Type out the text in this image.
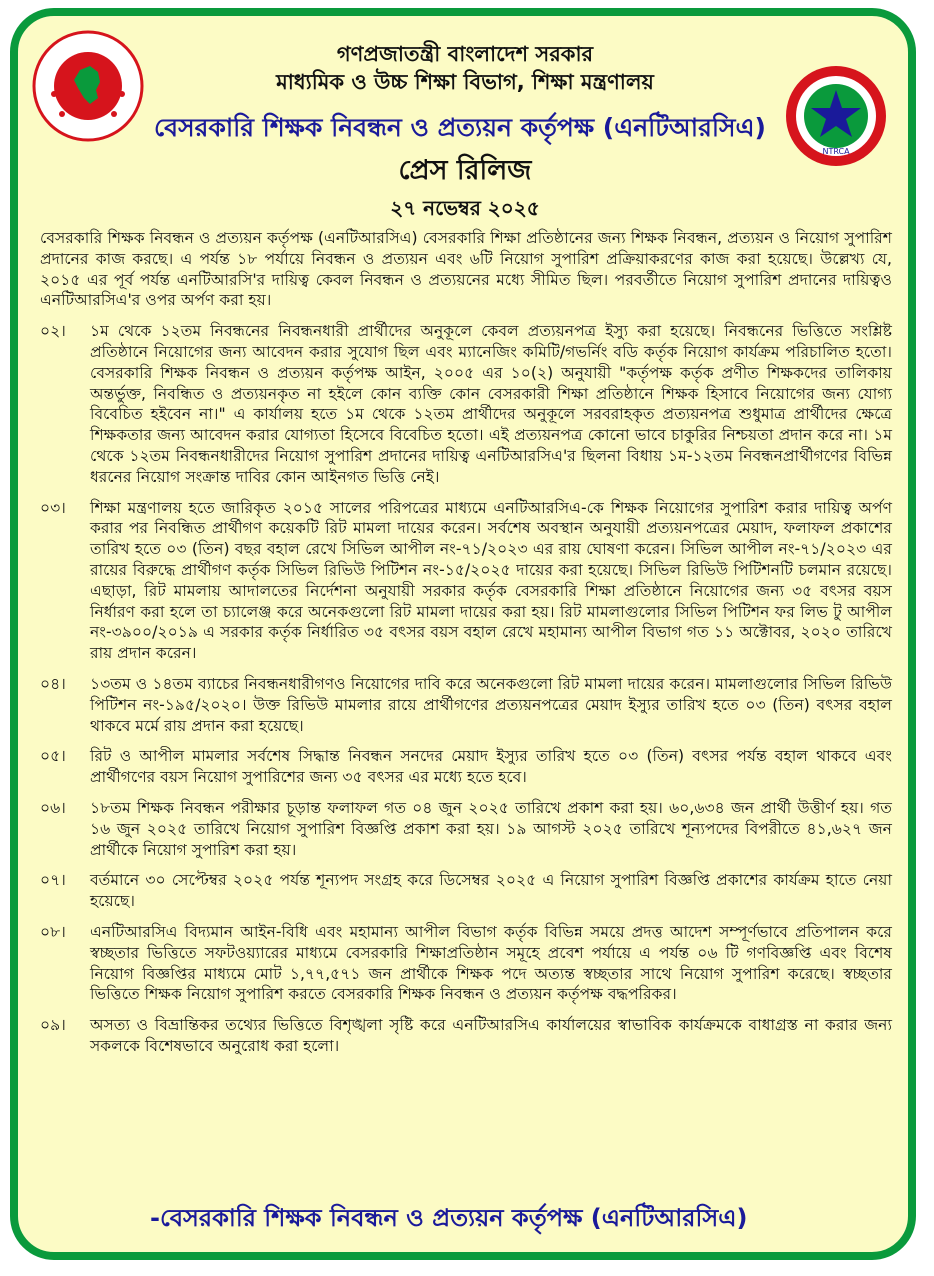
NTRCA
গণপ্রজাতন্ত্রী বাংলাদেশ সরকার
মাধ্যমিক ও উচ্চ শিক্ষা বিভাগ, শিক্ষা মন্ত্রণালয়
বেসরকারি শিক্ষক নিবন্ধন ও প্রত্যয়ন কর্তৃপক্ষ (এনটিআরসিএ)
প্রেস রিলিজ
২৭ নভেম্বর ২০২৫

বেসরকারি শিক্ষক নিবন্ধন ও প্রত্যয়ন কর্তৃপক্ষ (এনটিআরসিএ) বেসরকারি শিক্ষা প্রতিষ্ঠানের জন্য শিক্ষক নিবন্ধন, প্রত্যয়ন ও নিয়োগ সুপারিশ প্রদানের কাজ করছে। এ পর্যন্ত ১৮ পর্যায়ে নিবন্ধন ও প্রত্যয়ন এবং ৬টি নিয়োগ সুপারিশ প্রক্রিয়াকরণের কাজ করা হয়েছে। উল্লেখ্য যে, ২০১৫ এর পূর্ব পর্যন্ত এনটিআরসি'র দায়িত্ব কেবল নিবন্ধন ও প্রত্যয়নের মধ্যে সীমিত ছিল। পরবর্তীতে নিয়োগ সুপারিশ প্রদানের দায়িত্বও এনটিআরসিএ'র ওপর অর্পণ করা হয়।

০২।	১ম থেকে ১২তম নিবন্ধনের নিবন্ধনধারী প্রার্থীদের অনুকূলে কেবল প্রত্যয়নপত্র ইস্যু করা হয়েছে। নিবন্ধনের ভিত্তিতে সংশ্লিষ্ট প্রতিষ্ঠানে নিয়োগের জন্য আবেদন করার সুযোগ ছিল এবং ম্যানেজিং কমিটি/গভর্নিং বডি কর্তৃক নিয়োগ কার্যক্রম পরিচালিত হতো। বেসরকারি শিক্ষক নিবন্ধন ও প্রত্যয়ন কর্তৃপক্ষ আইন, ২০০৫ এর ১০(২) অনুযায়ী "কর্তৃপক্ষ কর্তৃক প্রণীত শিক্ষকদের তালিকায় অন্তর্ভুক্ত, নিবন্ধিত ও প্রত্যয়নকৃত না হইলে কোন ব্যক্তি কোন বেসরকারী শিক্ষা প্রতিষ্ঠানে শিক্ষক হিসাবে নিয়োগের জন্য যোগ্য বিবেচিত হইবেন না।" এ কার্যালয় হতে ১ম থেকে ১২তম প্রার্থীদের অনুকূলে সরবরাহকৃত প্রত্যয়নপত্র শুধুমাত্র প্রার্থীদের ক্ষেত্রে শিক্ষকতার জন্য আবেদন করার যোগ্যতা হিসেবে বিবেচিত হতো। এই প্রত্যয়নপত্র কোনো ভাবে চাকুরির নিশ্চয়তা প্রদান করে না। ১ম থেকে ১২তম নিবন্ধনধারীদের নিয়োগ সুপারিশ প্রদানের দায়িত্ব এনটিআরসিএ'র ছিলনা বিধায় ১ম-১২তম নিবন্ধনপ্রার্থীগণের বিভিন্ন ধরনের নিয়োগ সংক্রান্ত দাবির কোন আইনগত ভিত্তি নেই।
০৩।	শিক্ষা মন্ত্রণালয় হতে জারিকৃত ২০১৫ সালের পরিপত্রের মাধ্যমে এনটিআরসিএ-কে শিক্ষক নিয়োগের সুপারিশ করার দায়িত্ব অর্পণ করার পর নিবন্ধিত প্রার্থীগণ কয়েকটি রিট মামলা দায়ের করেন। সর্বশেষ অবস্থান অনুযায়ী প্রত্যয়নপত্রের মেয়াদ, ফলাফল প্রকাশের তারিখ হতে ০৩ (তিন) বছর বহাল রেখে সিভিল আপীল নং-৭১/২০২৩ এর রায় ঘোষণা করেন। সিভিল আপীল নং-৭১/২০২৩ এর রায়ের বিরুদ্ধে প্রার্থীগণ কর্তৃক সিভিল রিভিউ পিটিশন নং-১৫/২০২৫ দায়ের করা হয়েছে। সিভিল রিভিউ পিটিশনটি চলমান রয়েছে। এছাড়া, রিট মামলায় আদালতের নির্দেশনা অনুযায়ী সরকার কর্তৃক বেসরকারি শিক্ষা প্রতিষ্ঠানে নিয়োগের জন্য ৩৫ বৎসর বয়স নির্ধারণ করা হলে তা চ্যালেঞ্জ করে অনেকগুলো রিট মামলা দায়ের করা হয়। রিট মামলাগুলোর সিভিল পিটিশন ফর লিভ টু আপীল নং-৩৯০০/২০১৯ এ সরকার কর্তৃক নির্ধারিত ৩৫ বৎসর বয়স বহাল রেখে মহামান্য আপীল বিভাগ গত ১১ অক্টোবর, ২০২০ তারিখে রায় প্রদান করেন।
০৪।	১৩তম ও ১৪তম ব্যাচের নিবন্ধনধারীগণও নিয়োগের দাবি করে অনেকগুলো রিট মামলা দায়ের করেন। মামলাগুলোর সিভিল রিভিউ পিটিশন নং-১৯৫/২০২০। উক্ত রিভিউ মামলার রায়ে প্রার্থীগণের প্রত্যয়নপত্রের মেয়াদ ইস্যুর তারিখ হতে ০৩ (তিন) বৎসর বহাল থাকবে মর্মে রায় প্রদান করা হয়েছে।
০৫।	রিট ও আপীল মামলার সর্বশেষ সিদ্ধান্ত নিবন্ধন সনদের মেয়াদ ইস্যুর তারিখ হতে ০৩ (তিন) বৎসর পর্যন্ত বহাল থাকবে এবং প্রার্থীগণের বয়স নিয়োগ সুপারিশের জন্য ৩৫ বৎসর এর মধ্যে হতে হবে।
০৬।	১৮তম শিক্ষক নিবন্ধন পরীক্ষার চূড়ান্ত ফলাফল গত ০৪ জুন ২০২৫ তারিখে প্রকাশ করা হয়। ৬০,৬৩৪ জন প্রার্থী উত্তীর্ণ হয়। গত ১৬ জুন ২০২৫ তারিখে নিয়োগ সুপারিশ বিজ্ঞপ্তি প্রকাশ করা হয়। ১৯ আগস্ট ২০২৫ তারিখে শূন্যপদের বিপরীতে ৪১,৬২৭ জন প্রার্থীকে নিয়োগ সুপারিশ করা হয়।
০৭।	বর্তমানে ৩০ সেপ্টেম্বর ২০২৫ পর্যন্ত শূন্যপদ সংগ্রহ করে ডিসেম্বর ২০২৫ এ নিয়োগ সুপারিশ বিজ্ঞপ্তি প্রকাশের কার্যক্রম হাতে নেয়া হয়েছে।
০৮।	এনটিআরসিএ বিদ্যমান আইন-বিধি এবং মহামান্য আপীল বিভাগ কর্তৃক বিভিন্ন সময়ে প্রদত্ত আদেশ সম্পূর্ণভাবে প্রতিপালন করে স্বচ্ছতার ভিত্তিতে সফটওয়্যারের মাধ্যমে বেসরকারি শিক্ষাপ্রতিষ্ঠান সমূহে প্রবেশ পর্যায়ে এ পর্যন্ত ০৬ টি গণবিজ্ঞপ্তি এবং বিশেষ নিয়োগ বিজ্ঞপ্তির মাধ্যমে মোট ১,৭৭,৫৭১ জন প্রার্থীকে শিক্ষক পদে অত্যন্ত স্বচ্ছতার সাথে নিয়োগ সুপারিশ করেছে। স্বচ্ছতার ভিত্তিতে শিক্ষক নিয়োগ সুপারিশ করতে বেসরকারি শিক্ষক নিবন্ধন ও প্রত্যয়ন কর্তৃপক্ষ বদ্ধপরিকর।
০৯।	অসত্য ও বিভ্রান্তিকর তথ্যের ভিত্তিতে বিশৃঙ্খলা সৃষ্টি করে এনটিআরসিএ কার্যালয়ের স্বাভাবিক কার্যক্রমকে বাধাগ্রস্ত না করার জন্য সকলকে বিশেষভাবে অনুরোধ করা হলো।
-বেসরকারি শিক্ষক নিবন্ধন ও প্রত্যয়ন কর্তৃপক্ষ (এনটিআরসিএ)
